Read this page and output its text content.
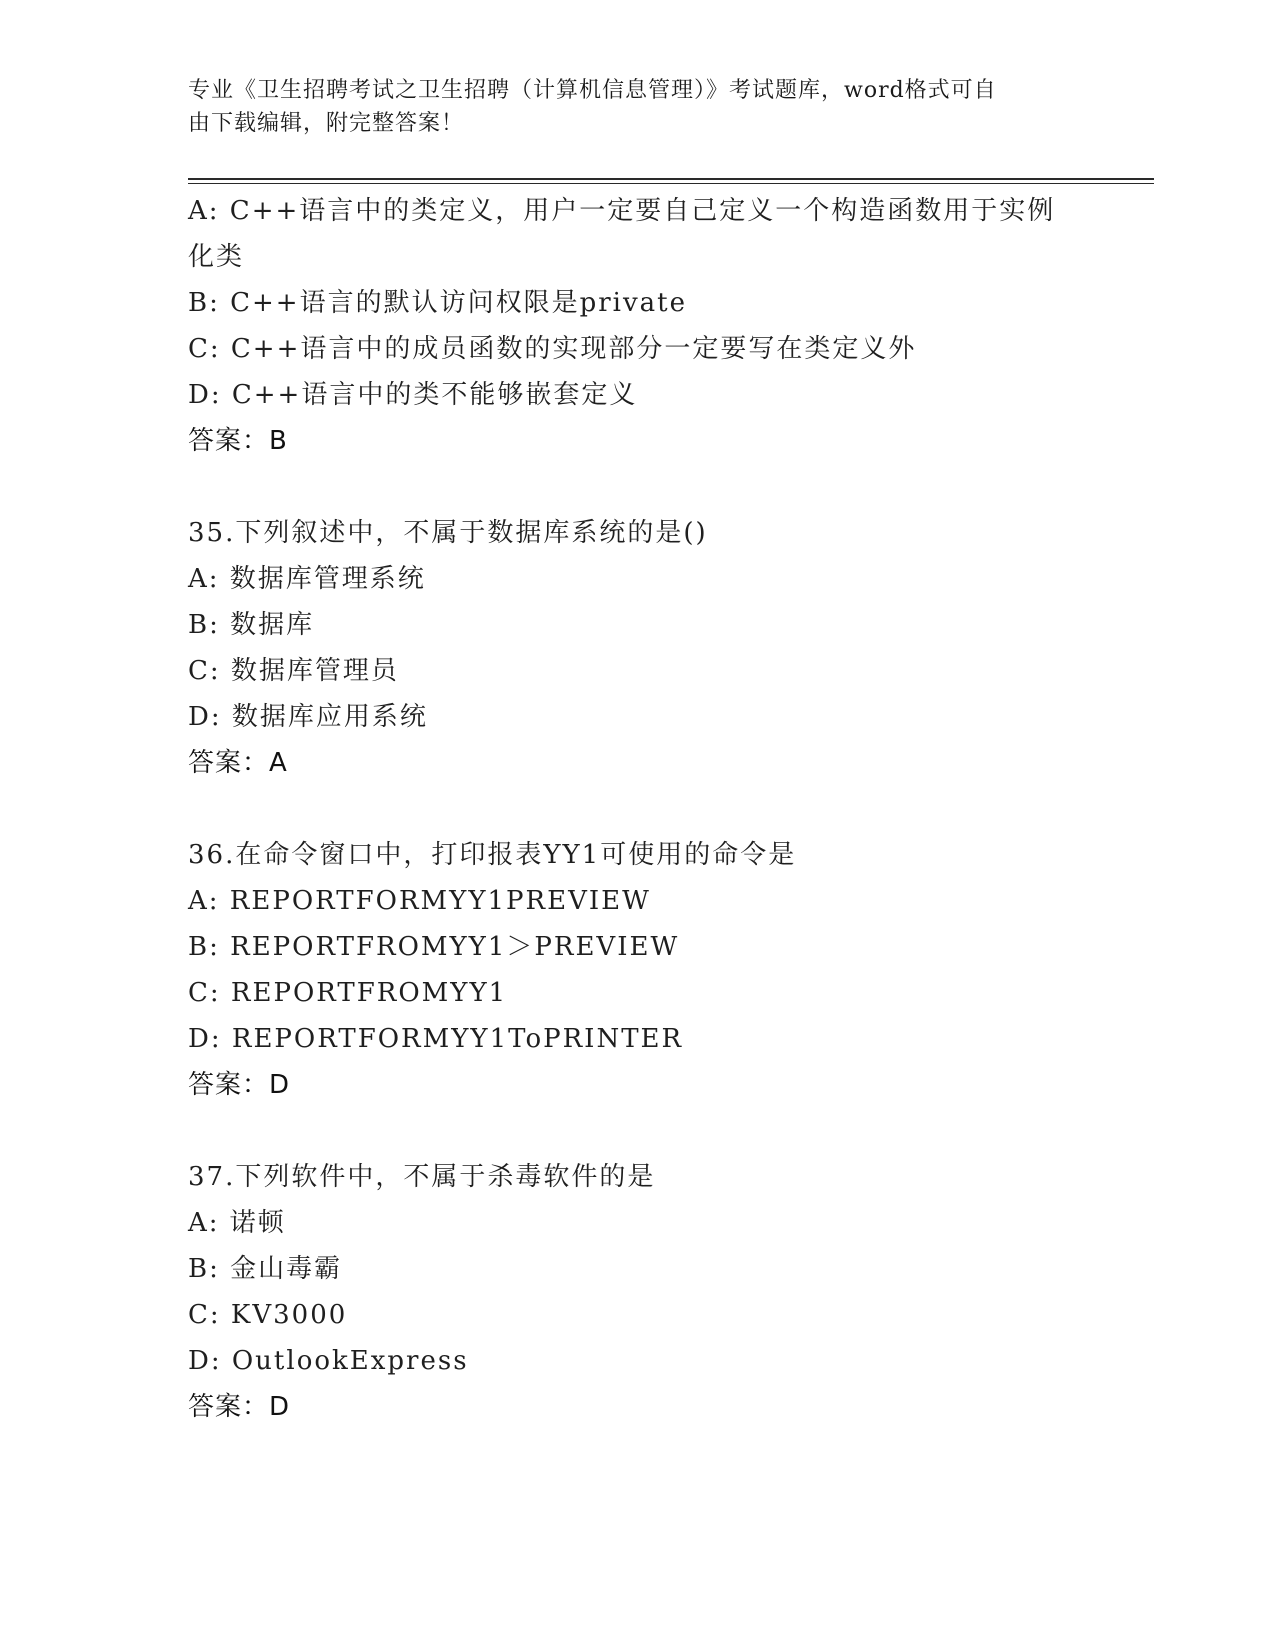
专业《卫生招聘考试之卫生招聘（计算机信息管理）》考试题库，word格式可自
由下载编辑，附完整答案！
A: C++语言中的类定义，用户一定要自己定义一个构造函数用于实例
化类
B: C++语言的默认访问权限是private
C: C++语言中的成员函数的实现部分一定要写在类定义外
D: C++语言中的类不能够嵌套定义
答案：B
35.下列叙述中，不属于数据库系统的是()
A: 数据库管理系统
B: 数据库
C: 数据库管理员
D: 数据库应用系统
答案：A
36.在命令窗口中，打印报表YY1可使用的命令是
A: REPORTFORMYY1PREVIEW
B: REPORTFROMYY1＞PREVIEW
C: REPORTFROMYY1
D: REPORTFORMYY1ToPRINTER
答案：D
37.下列软件中，不属于杀毒软件的是
A: 诺顿
B: 金山毒霸
C: KV3000
D: OutlookExpress
答案：D
